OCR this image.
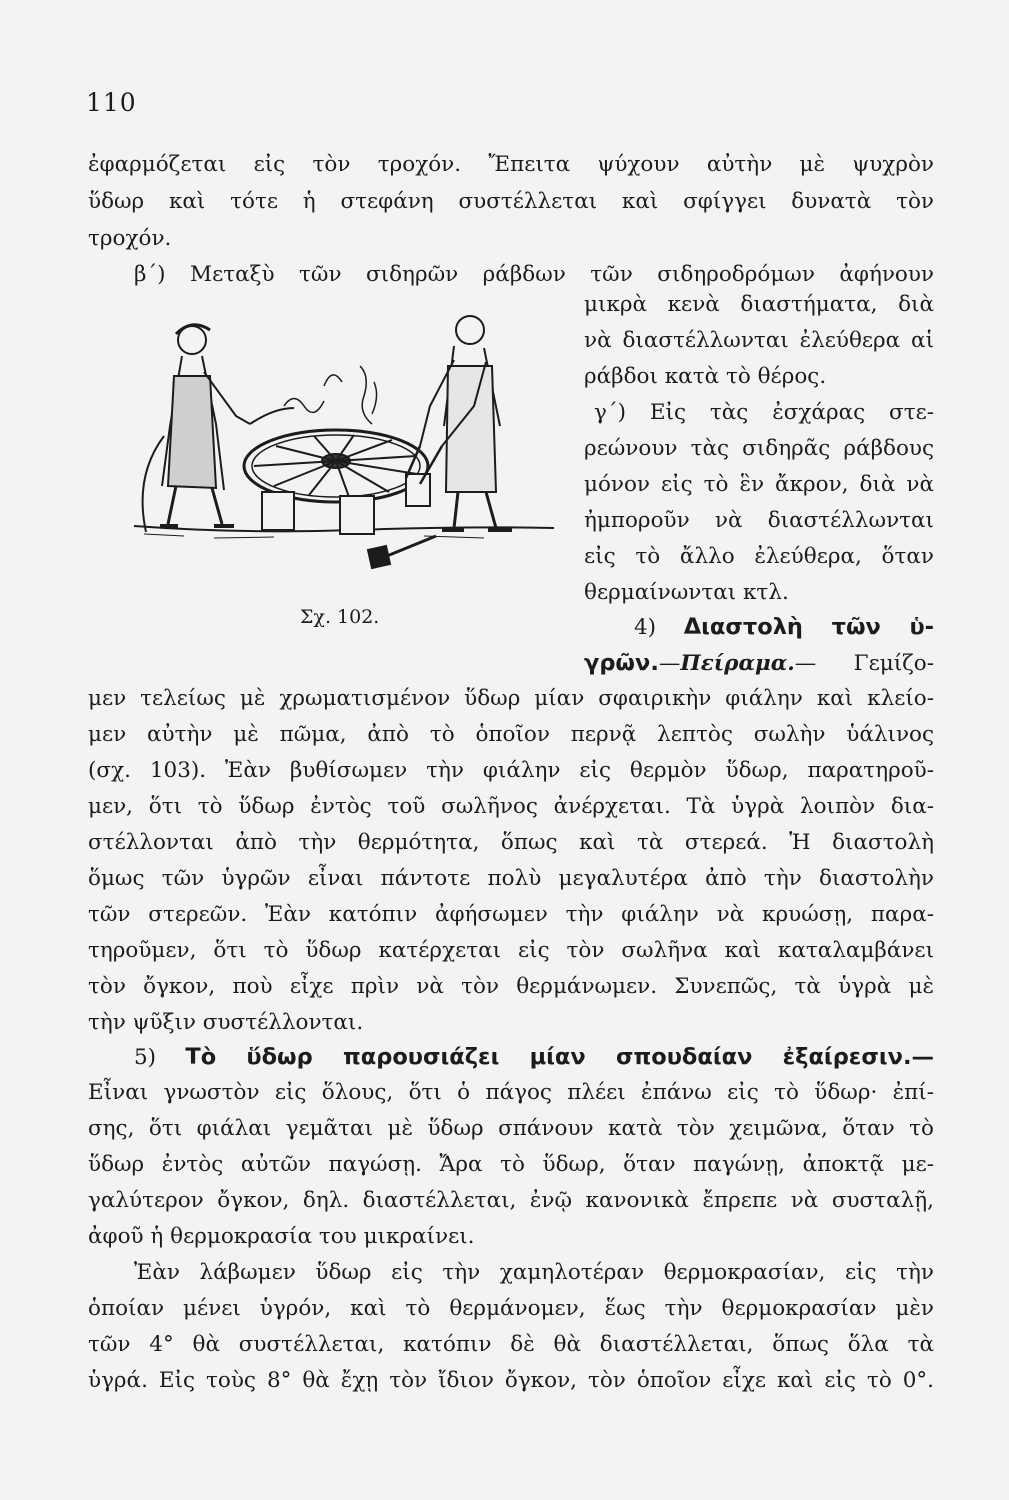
110
ἐφαρμόζεται εἰς τὸν τροχόν. Ἔπειτα ψύχουν αὐτὴν μὲ ψυχρὸν
ὕδωρ καὶ τότε ἡ στεφάνη συστέλλεται καὶ σφίγγει δυνατὰ τὸν
τροχόν.
β΄) Μεταξὺ τῶν σιδηρῶν ράβδων τῶν σιδηροδρόμων ἀφήνουν
μικρὰ κενὰ διαστήματα, διὰ
νὰ διαστέλλωνται ἐλεύθερα αἱ
ράβδοι κατὰ τὸ θέρος.
γ΄) Εἰς τὰς ἐσχάρας στε-
ρεώνουν τὰς σιδηρᾶς ράβδους
μόνον εἰς τὸ ἓν ἄκρον, διὰ νὰ
ἠμποροῦν νὰ διαστέλλωνται
εἰς τὸ ἄλλο ἐλεύθερα, ὅταν
θερμαίνωνται κτλ.
4) Διαστολὴ τῶν ὑ-
γρῶν.—Πείραμα.— Γεμίζο-
μεν τελείως μὲ χρωματισμένον ὕδωρ μίαν σφαιρικὴν φιάλην καὶ κλείο-
μεν αὐτὴν μὲ πῶμα, ἀπὸ τὸ ὁποῖον περνᾷ λεπτὸς σωλὴν ὑάλινος
(σχ. 103). Ἐὰν βυθίσωμεν τὴν φιάλην εἰς θερμὸν ὕδωρ, παρατηροῦ-
μεν, ὅτι τὸ ὕδωρ ἐντὸς τοῦ σωλῆνος ἀνέρχεται. Τὰ ὑγρὰ λοιπὸν δια-
στέλλονται ἀπὸ τὴν θερμότητα, ὅπως καὶ τὰ στερεά. Ἡ διαστολὴ
ὅμως τῶν ὑγρῶν εἶναι πάντοτε πολὺ μεγαλυτέρα ἀπὸ τὴν διαστολὴν
τῶν στερεῶν. Ἐὰν κατόπιν ἀφήσωμεν τὴν φιάλην νὰ κρυώσῃ, παρα-
τηροῦμεν, ὅτι τὸ ὕδωρ κατέρχεται εἰς τὸν σωλῆνα καὶ καταλαμβάνει
τὸν ὄγκον, ποὺ εἶχε πρὶν νὰ τὸν θερμάνωμεν. Συνεπῶς, τὰ ὑγρὰ μὲ
τὴν ψῦξιν συστέλλονται.
5) Τὸ ὕδωρ παρουσιάζει μίαν σπουδαίαν ἐξαίρεσιν.—
Εἶναι γνωστὸν εἰς ὅλους, ὅτι ὁ πάγος πλέει ἐπάνω εἰς τὸ ὕδωρ· ἐπί-
σης, ὅτι φιάλαι γεμᾶται μὲ ὕδωρ σπάνουν κατὰ τὸν χειμῶνα, ὅταν τὸ
ὕδωρ ἐντὸς αὐτῶν παγώσῃ. Ἄρα τὸ ὕδωρ, ὅταν παγώνῃ, ἀποκτᾷ με-
γαλύτερον ὄγκον, δηλ. διαστέλλεται, ἐνῷ κανονικὰ ἔπρεπε νὰ συσταλῇ,
ἀφοῦ ἡ θερμοκρασία του μικραίνει.
Ἐὰν λάβωμεν ὕδωρ εἰς τὴν χαμηλοτέραν θερμοκρασίαν, εἰς τὴν
ὁποίαν μένει ὑγρόν, καὶ τὸ θερμάνομεν, ἕως τὴν θερμοκρασίαν μὲν
τῶν 4° θὰ συστέλλεται, κατόπιν δὲ θὰ διαστέλλεται, ὅπως ὅλα τὰ
ὑγρά. Εἰς τοὺς 8° θὰ ἔχῃ τὸν ἴδιον ὄγκον, τὸν ὁποῖον εἶχε καὶ εἰς τὸ 0°.
Σχ. 102.
